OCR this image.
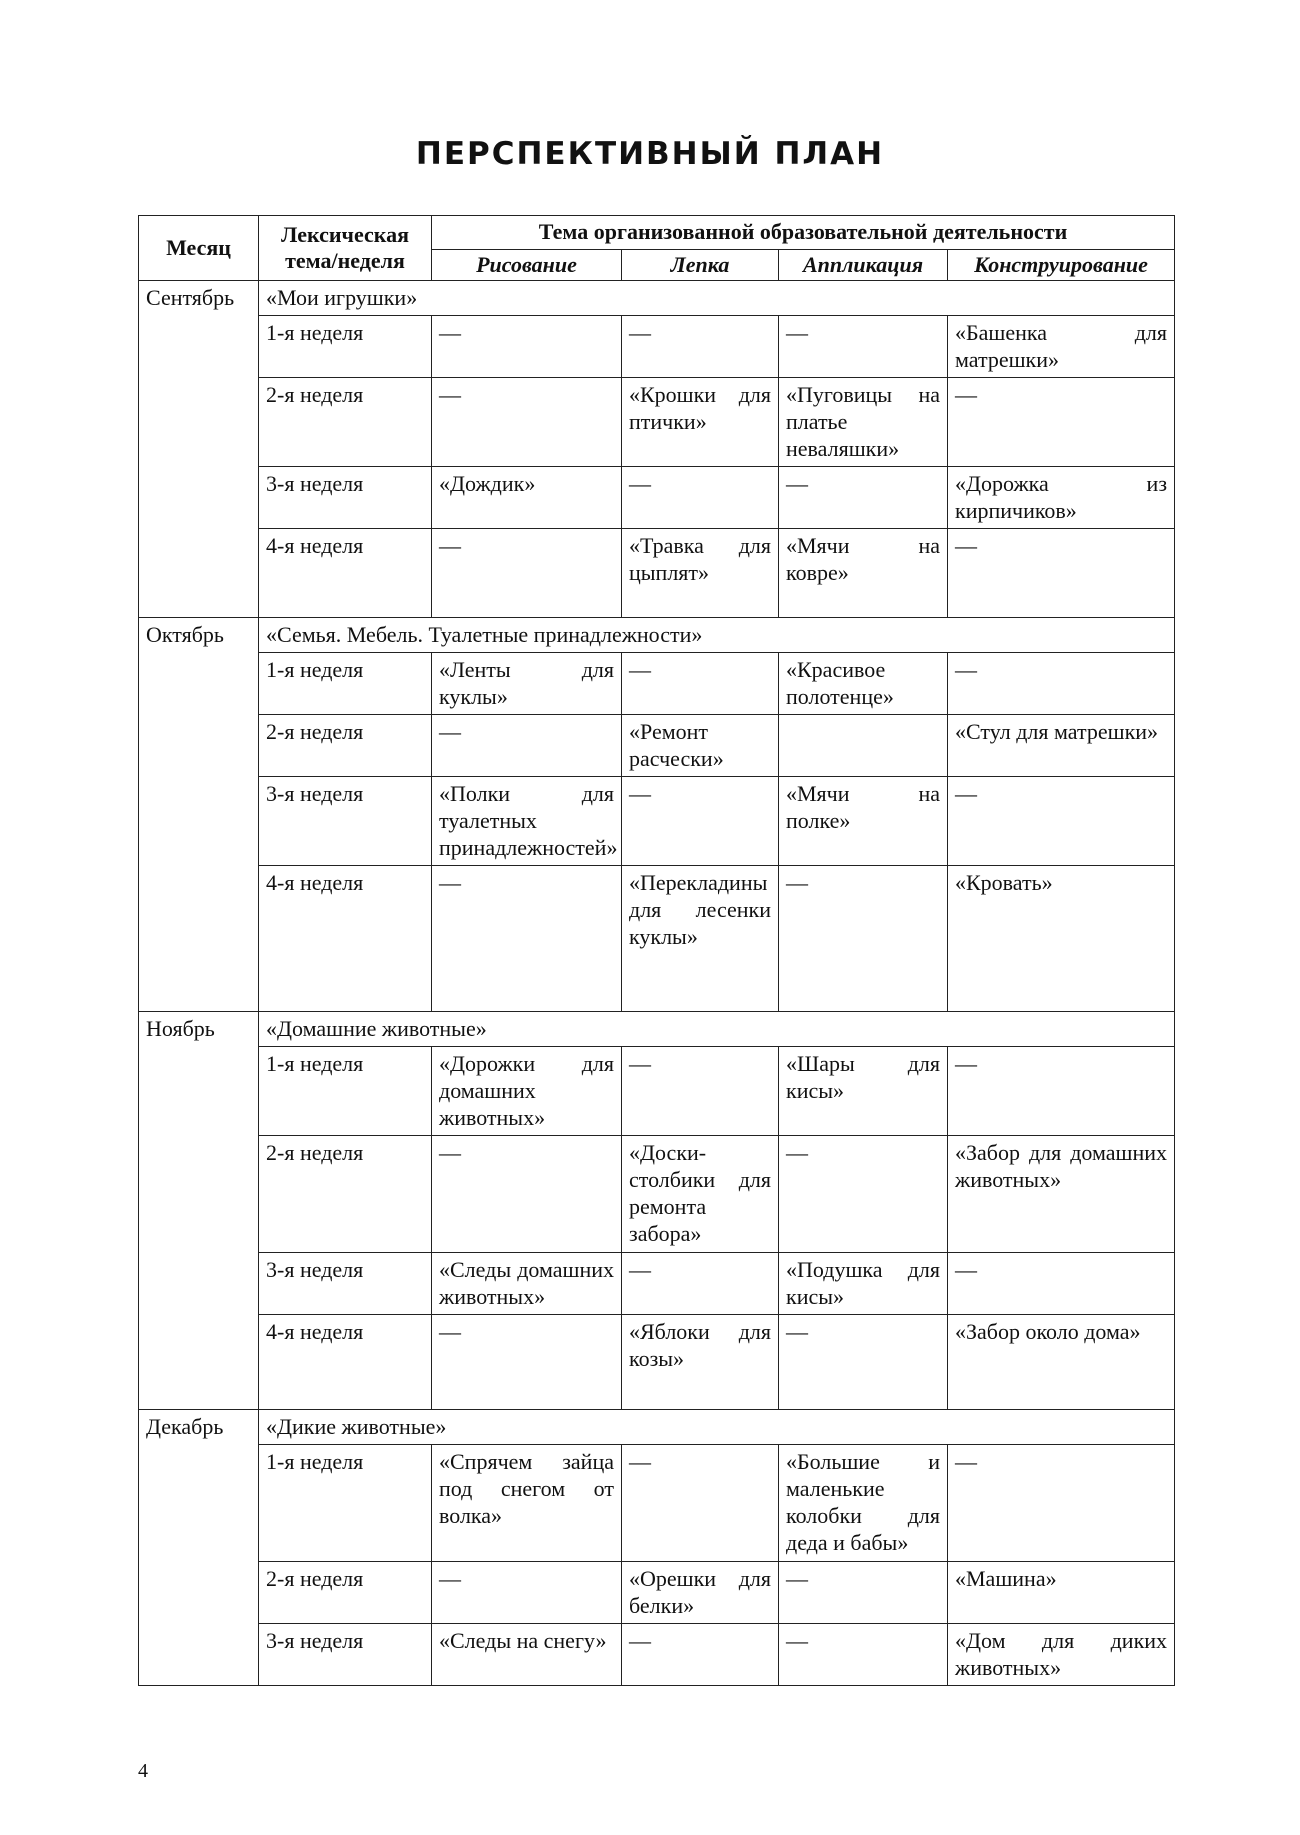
ПЕРСПЕКТИВНЫЙ ПЛАН
Месяц	Лексическая тема/неделя	Тема организованной образовательной деятельности			
		Рисование	Лепка	Аппликация	Конструирование
Сентябрь	«Мои игрушки»				
	1-я неделя	—	—	—	«Башенка для матрешки»
	2-я неделя	—	«Крошки для птички»	«Пуговицы на платье неваляшки»	—
	3-я неделя	«Дождик»	—	—	«Дорожка из кирпичиков»
	4-я неделя	—	«Травка для цыплят»	«Мячи на ковре»	—
Октябрь	«Семья. Мебель. Туалетные принадлежности»				
	1-я неделя	«Ленты для куклы»	—	«Красивое полотенце»	—
	2-я неделя	—	«Ремонт расчески»		«Стул для матрешки»
	3-я неделя	«Полки для туалетных принадлежностей»	—	«Мячи на полке»	—
	4-я неделя	—	«Перекладины для лесенки куклы»	—	«Кровать»
Ноябрь	«Домашние животные»				
	1-я неделя	«Дорожки для домашних животных»	—	«Шары для кисы»	—
	2-я неделя	—	«Доски-столбики для ремонта забора»	—	«Забор для домашних животных»
	3-я неделя	«Следы домашних животных»	—	«Подушка для кисы»	—
	4-я неделя	—	«Яблоки для козы»	—	«Забор около дома»
Декабрь	«Дикие животные»				
	1-я неделя	«Спрячем зайца под снегом от волка»	—	«Большие и маленькие колобки для деда и бабы»	—
	2-я неделя	—	«Орешки для белки»	—	«Машина»
	3-я неделя	«Следы на снегу»	—	—	«Дом для диких животных»
4
